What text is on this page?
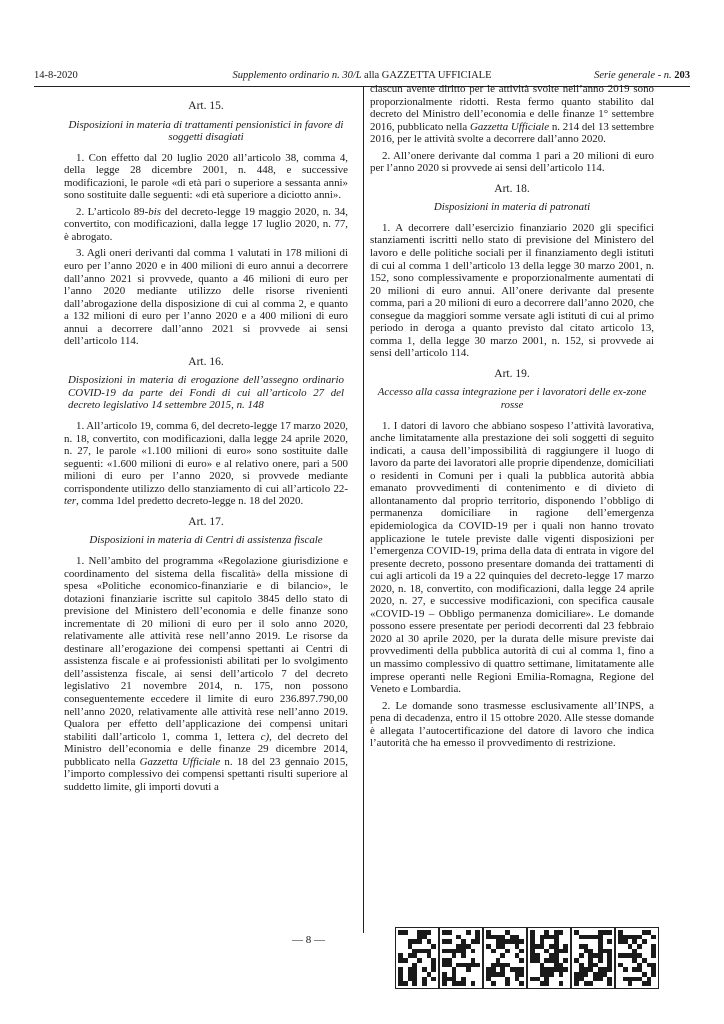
14-8-2020	Supplemento ordinario n. 30/L alla GAZZETTA UFFICIALE	Serie generale - n. 203
Art. 15.
Disposizioni in materia di trattamenti pensionistici in favore di soggetti disagiati

1. Con effetto dal 20 luglio 2020 all’articolo 38, comma 4, della legge 28 dicembre 2001, n. 448, e successive modificazioni, le parole «di età pari o superiore a sessanta anni» sono sostituite dalle seguenti: «di età superiore a diciotto anni».

2. L’articolo 89-bis del decreto-legge 19 maggio 2020, n. 34, convertito, con modificazioni, dalla legge 17 luglio 2020, n. 77, è abrogato.

3. Agli oneri derivanti dal comma 1 valutati in 178 milioni di euro per l’anno 2020 e in 400 milioni di euro annui a decorrere dall’anno 2021 si provvede, quanto a 46 milioni di euro per l’anno 2020 mediante utilizzo delle risorse rivenienti dall’abrogazione della disposizione di cui al comma 2, e quanto a 132 milioni di euro per l’anno 2020 e a 400 milioni di euro annui a decorrere dall’anno 2021 si provvede ai sensi dell’articolo 114.

Art. 16.
Disposizioni in materia di erogazione dell’assegno ordinario COVID-19 da parte dei Fondi di cui all’articolo 27 del decreto legislativo 14 settembre 2015, n. 148

1. All’articolo 19, comma 6, del decreto-legge 17 marzo 2020, n. 18, convertito, con modificazioni, dalla legge 24 aprile 2020, n. 27, le parole «1.100 milioni di euro» sono sostituite dalle seguenti: «1.600 milioni di euro» e al relativo onere, pari a 500 milioni di euro per l’anno 2020, si provvede mediante corrispondente utilizzo dello stanziamento di cui all’articolo 22-ter, comma 1del predetto decreto-legge n. 18 del 2020.

Art. 17.
Disposizioni in materia di Centri di assistenza fiscale

1. Nell’ambito del programma «Regolazione giurisdizione e coordinamento del sistema della fiscalità» della missione di spesa «Politiche economico-finanziarie e di bilancio», le dotazioni finanziarie iscritte sul capitolo 3845 dello stato di previsione del Ministero dell’economia e delle finanze sono incrementate di 20 milioni di euro per il solo anno 2020, relativamente alle attività rese nell’anno 2019. Le risorse da destinare all’erogazione dei compensi spettanti ai Centri di assistenza fiscale e ai professionisti abilitati per lo svolgimento dell’assistenza fiscale, ai sensi dell’articolo 7 del decreto legislativo 21 novembre 2014, n. 175, non possono conseguentemente eccedere il limite di euro 236.897.790,00 nell’anno 2020, relativamente alle attività rese nell’anno 2019. Qualora per effetto dell’applicazione dei compensi unitari stabiliti dall’articolo 1, comma 1, lettera c), del decreto del Ministro dell’economia e delle finanze 29 dicembre 2014, pubblicato nella Gazzetta Ufficiale n. 18 del 23 gennaio 2015, l’importo complessivo dei compensi spettanti risulti superiore al suddetto limite, gli importi dovuti a

ciascun avente diritto per le attività svolte nell’anno 2019 sono proporzionalmente ridotti. Resta fermo quanto stabilito dal decreto del Ministro dell’economia e delle finanze 1° settembre 2016, pubblicato nella Gazzetta Ufficiale n. 214 del 13 settembre 2016, per le attività svolte a decorrere dall’anno 2020.

2. All’onere derivante dal comma 1 pari a 20 milioni di euro per l’anno 2020 si provvede ai sensi dell’articolo 114.

Art. 18.
Disposizioni in materia di patronati

1. A decorrere dall’esercizio finanziario 2020 gli specifici stanziamenti iscritti nello stato di previsione del Ministero del lavoro e delle politiche sociali per il finanziamento degli istituti di cui al comma 1 dell’articolo 13 della legge 30 marzo 2001, n. 152, sono complessivamente e proporzionalmente aumentati di 20 milioni di euro annui. All’onere derivante dal presente comma, pari a 20 milioni di euro a decorrere dall’anno 2020, che consegue da maggiori somme versate agli istituti di cui al primo periodo in deroga a quanto previsto dal citato articolo 13, comma 1, della legge 30 marzo 2001, n. 152, si provvede ai sensi dell’articolo 114.

Art. 19.
Accesso alla cassa integrazione per i lavoratori delle ex-zone rosse

1. I datori di lavoro che abbiano sospeso l’attività lavorativa, anche limitatamente alla prestazione dei soli soggetti di seguito indicati, a causa dell’impossibilità di raggiungere il luogo di lavoro da parte dei lavoratori alle proprie dipendenze, domiciliati o residenti in Comuni per i quali la pubblica autorità abbia emanato provvedimenti di contenimento e di divieto di allontanamento dal proprio territorio, disponendo l’obbligo di permanenza domiciliare in ragione dell’emergenza epidemiologica da COVID-19 per i quali non hanno trovato applicazione le tutele previste dalle vigenti disposizioni per l’emergenza COVID-19, prima della data di entrata in vigore del presente decreto, possono presentare domanda dei trattamenti di cui agli articoli da 19 a 22 quinquies del decreto-legge 17 marzo 2020, n. 18, convertito, con modificazioni, dalla legge 24 aprile 2020, n. 27, e successive modificazioni, con specifica causale «COVID-19 – Obbligo permanenza domiciliare». Le domande possono essere presentate per periodi decorrenti dal 23 febbraio 2020 al 30 aprile 2020, per la durata delle misure previste dai provvedimenti della pubblica autorità di cui al comma 1, fino a un massimo complessivo di quattro settimane, limitatamente alle imprese operanti nelle Regioni Emilia-Romagna, Regione del Veneto e Lombardia.

2. Le domande sono trasmesse esclusivamente all’INPS, a pena di decadenza, entro il 15 ottobre 2020. Alle stesse domande è allegata l’autocertificazione del datore di lavoro che indica l’autorità che ha emesso il provvedimento di restrizione.

— 8 —
